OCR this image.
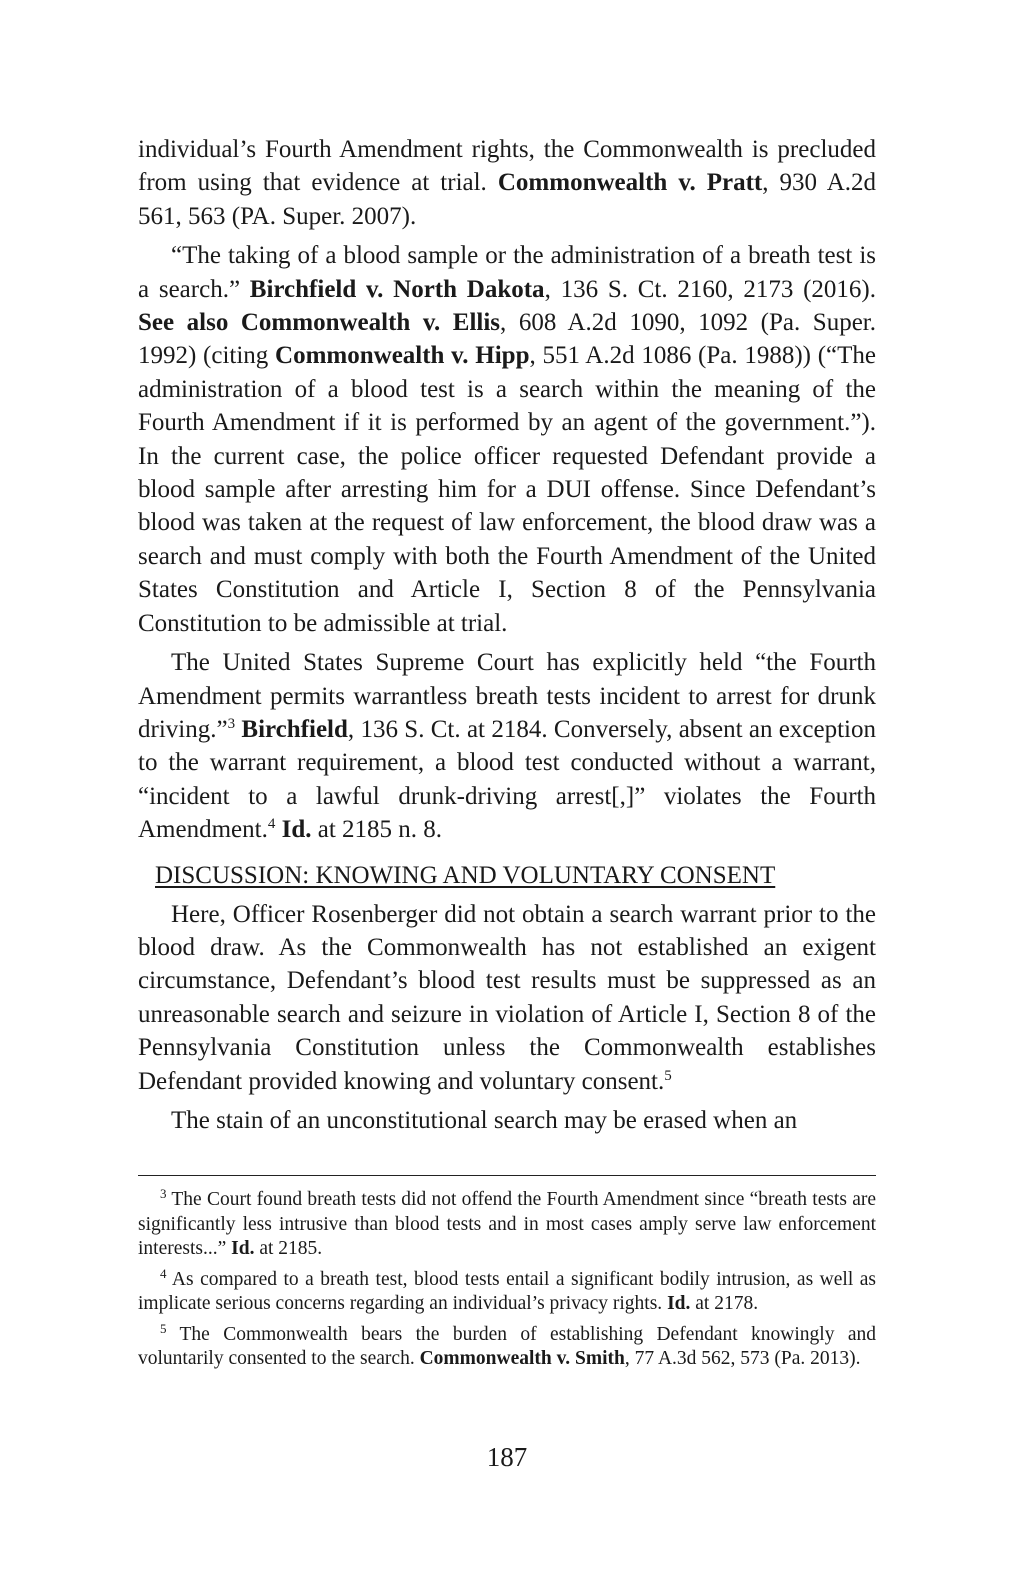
individual’s Fourth Amendment rights, the Commonwealth is precluded from using that evidence at trial. Commonwealth v. Pratt, 930 A.2d 561, 563 (PA. Super. 2007).

“The taking of a blood sample or the administration of a breath test is a search.” Birchfield v. North Dakota, 136 S. Ct. 2160, 2173 (2016). See also Commonwealth v. Ellis, 608 A.2d 1090, 1092 (Pa. Super. 1992) (citing Commonwealth v. Hipp, 551 A.2d 1086 (Pa. 1988)) (“The administration of a blood test is a search within the meaning of the Fourth Amendment if it is performed by an agent of the government.”). In the current case, the police officer requested Defendant provide a blood sample after arresting him for a DUI offense. Since Defendant’s blood was taken at the request of law enforcement, the blood draw was a search and must comply with both the Fourth Amendment of the United States Constitution and Article I, Section 8 of the Pennsylvania Constitution to be admissible at trial.

The United States Supreme Court has explicitly held “the Fourth Amendment permits warrantless breath tests incident to arrest for drunk driving.”$^3$ Birchfield, 136 S. Ct. at 2184. Conversely, absent an exception to the warrant requirement, a blood test conducted without a warrant, “incident to a lawful drunk-driving arrest[,]” violates the Fourth Amendment.$^4$ Id. at 2185 n. 8.

DISCUSSION: KNOWING AND VOLUNTARY CONSENT

Here, Officer Rosenberger did not obtain a search warrant prior to the blood draw. As the Commonwealth has not established an exigent circumstance, Defendant’s blood test results must be suppressed as an unreasonable search and seizure in violation of Article I, Section 8 of the Pennsylvania Constitution unless the Commonwealth establishes Defendant provided knowing and voluntary consent.$^5$

The stain of an unconstitutional search may be erased when an

$^3$ The Court found breath tests did not offend the Fourth Amendment since “breath tests are significantly less intrusive than blood tests and in most cases amply serve law enforcement interests...” Id. at 2185.

$^4$ As compared to a breath test, blood tests entail a significant bodily intrusion, as well as implicate serious concerns regarding an individual’s privacy rights. Id. at 2178.

$^5$ The Commonwealth bears the burden of establishing Defendant knowingly and voluntarily consented to the search. Commonwealth v. Smith, 77 A.3d 562, 573 (Pa. 2013).

187
